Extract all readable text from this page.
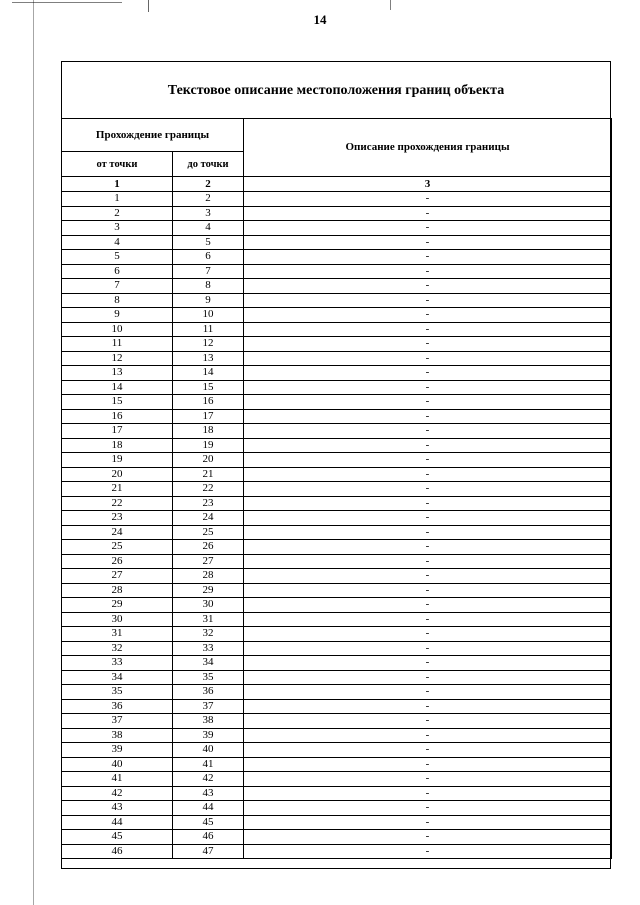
14
Текстовое описание местоположения границ объекта
Прохождение границы		Описание прохождения границы
от точки	до точки	
1	2	3
1	2	-
2	3	-
3	4	-
4	5	-
5	6	-
6	7	-
7	8	-
8	9	-
9	10	-
10	11	-
11	12	-
12	13	-
13	14	-
14	15	-
15	16	-
16	17	-
17	18	-
18	19	-
19	20	-
20	21	-
21	22	-
22	23	-
23	24	-
24	25	-
25	26	-
26	27	-
27	28	-
28	29	-
29	30	-
30	31	-
31	32	-
32	33	-
33	34	-
34	35	-
35	36	-
36	37	-
37	38	-
38	39	-
39	40	-
40	41	-
41	42	-
42	43	-
43	44	-
44	45	-
45	46	-
46	47	-
